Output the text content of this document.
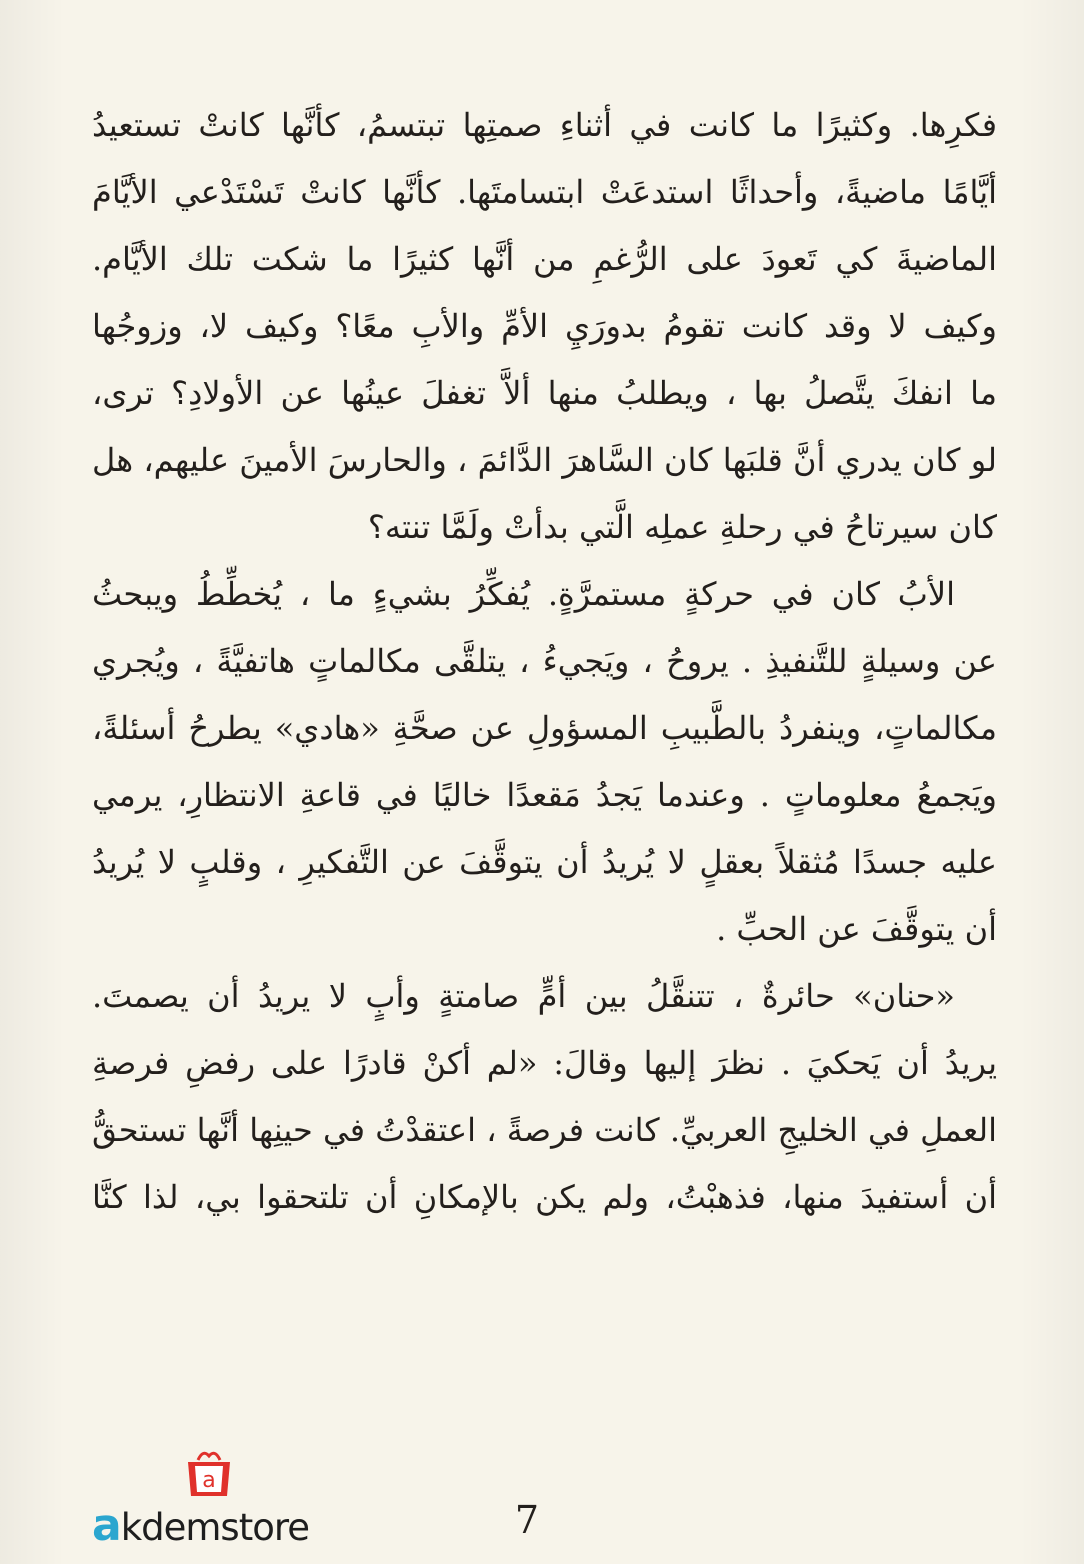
فكرِها. وكثيرًا ما كانت في أثناءِ صمتِها تبتسمُ، كأنَّها كانتْ تستعيدُ
أيَّامًا ماضيةً، وأحداثًا استدعَتْ ابتسامتَها. كأنَّها كانتْ تَسْتَدْعي الأيَّامَ
الماضيةَ كي تَعودَ على الرُّغمِ من أنَّها كثيرًا ما شكت تلك الأيَّام.
وكيف لا وقد كانت تقومُ بدورَيِ الأمِّ والأبِ معًا؟ وكيف لا، وزوجُها
ما انفكَ يتَّصلُ بها ، ويطلبُ منها ألاَّ تغفلَ عينُها عن الأولادِ؟ ترى،
لو كان يدري أنَّ قلبَها كان السَّاهرَ الدَّائمَ ، والحارسَ الأمينَ عليهم، هل
كان سيرتاحُ في رحلةِ عملِه الَّتي بدأتْ ولَمَّا تنته؟
الأبُ كان في حركةٍ مستمرَّةٍ. يُفكِّرُ بشيءٍ ما ، يُخطِّطُ ويبحثُ
عن وسيلةٍ للتَّنفيذِ . يروحُ ، ويَجيءُ ، يتلقَّى مكالماتٍ هاتفيَّةً ، ويُجري
مكالماتٍ، وينفردُ بالطَّبيبِ المسؤولِ عن صحَّةِ «هادي» يطرحُ أسئلةً،
ويَجمعُ معلوماتٍ . وعندما يَجدُ مَقعدًا خاليًا في قاعةِ الانتظارِ، يرمي
عليه جسدًا مُثقلاً بعقلٍ لا يُريدُ أن يتوقَّفَ عن التَّفكيرِ ، وقلبٍ لا يُريدُ
أن يتوقَّفَ عن الحبِّ .
«حنان» حائرةٌ ، تتنقَّلُ بين أمٍّ صامتةٍ وأبٍ لا يريدُ أن يصمتَ.
يريدُ أن يَحكيَ . نظرَ إليها وقالَ: «لم أكنْ قادرًا على رفضِ فرصةِ
العملِ في الخليجِ العربيِّ. كانت فرصةً ، اعتقدْتُ في حينِها أنَّها تستحقُّ
أن أستفيدَ منها، فذهبْتُ، ولم يكن بالإمكانِ أن تلتحقوا بي، لذا كنَّا
a
akdemstore	7
